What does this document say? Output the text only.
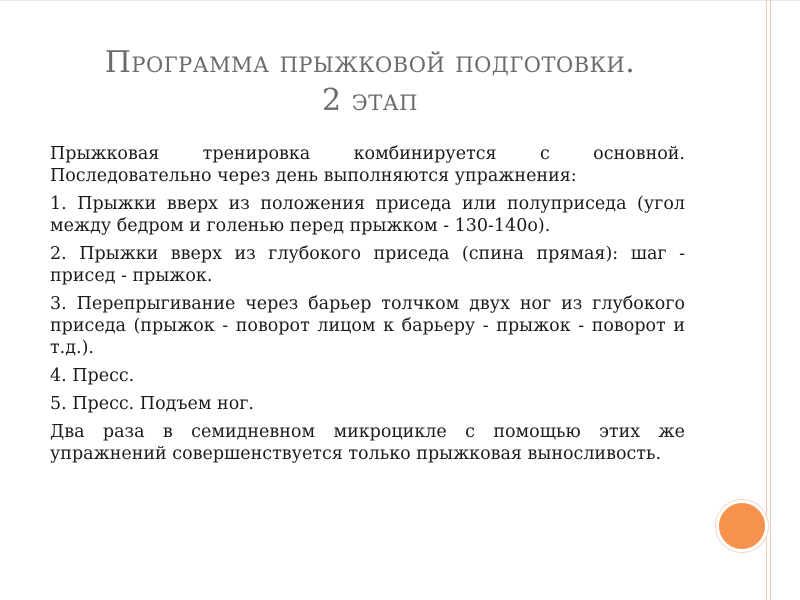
Программа прыжковой подготовки.
2 этап

Прыжковая тренировка комбинируется с основной. Последовательно через день выполняются упражнения:

1. Прыжки вверх из положения приседа или полуприседа (угол между бедром и голенью перед прыжком - 130-140о).

2. Прыжки вверх из глубокого приседа (спина прямая): шаг - присед - прыжок.

3. Перепрыгивание через барьер толчком двух ног из глубокого приседа (прыжок - поворот лицом к барьеру - прыжок - поворот и т.д.).

4. Пресс.

5. Пресс. Подъем ног.

Два раза в семидневном микроцикле с помощью этих же упражнений совершенствуется только прыжковая выносливость.
